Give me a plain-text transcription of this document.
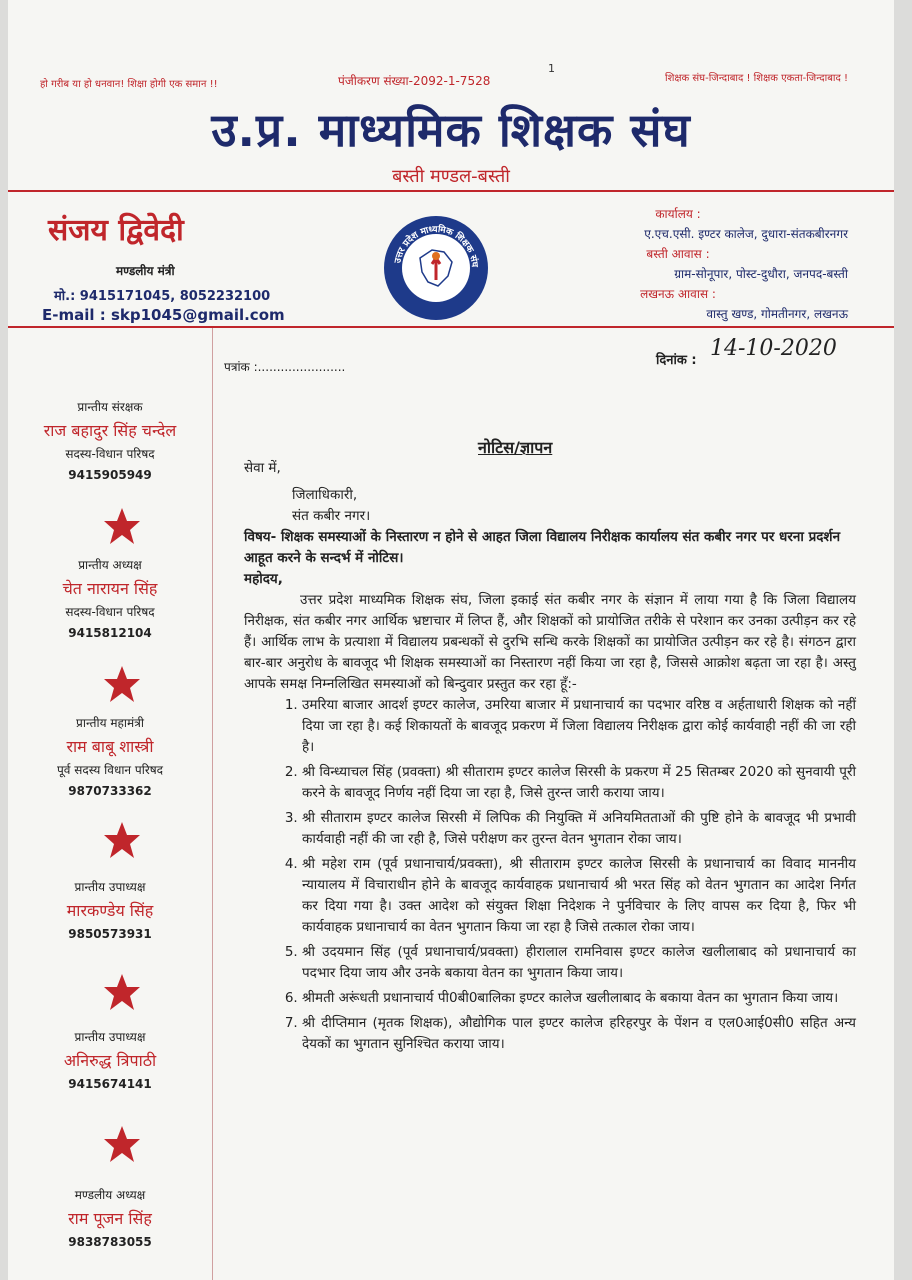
हो गरीब या हो धनवान! शिक्षा होगी एक समान !!	पंजीकरण संख्या-2092-1-7528
1
शिक्षक संघ-जिन्दाबाद ! शिक्षक एकता-जिन्दाबाद !
उ.प्र. माध्यमिक शिक्षक संघ
बस्ती मण्डल-बस्ती
संजय द्विवेदी
मण्डलीय मंत्री
मो.: 9415171045, 8052232100
E-mail : skp1045@gmail.com
उत्तर प्रदेश माध्यमिक शिक्षक संघ
कार्यालय :
ए.एच.एसी. इण्टर कालेज, दुधारा-संतकबीरनगर
बस्ती आवास :
ग्राम-सोनूपार, पोस्ट-दुधौरा, जनपद-बस्ती
लखनऊ आवास :
वास्तु खण्ड, गोमतीनगर, लखनऊ
प्रान्तीय संरक्षक
राज बहादुर सिंह चन्देल
सदस्य-विधान परिषद
9415905949
प्रान्तीय अध्यक्ष
चेत नारायन सिंह
सदस्य-विधान परिषद
9415812104
प्रान्तीय महामंत्री
राम बाबू शास्त्री
पूर्व सदस्य विधान परिषद
9870733362
प्रान्तीय उपाध्यक्ष
मारकण्डेय सिंह
9850573931
प्रान्तीय उपाध्यक्ष
अनिरुद्ध त्रिपाठी
9415674141
मण्डलीय अध्यक्ष
राम पूजन सिंह
9838783055
पत्रांक :.......................	दिनांक : 14-10-2020
नोटिस/ज्ञापन

सेवा में,

जिलाधिकारी,

संत कबीर नगर।

विषय- शिक्षक समस्याओं के निस्तारण न होने से आहत जिला विद्यालय निरीक्षक कार्यालय संत कबीर नगर पर धरना प्रदर्शन आहूत करने के सन्दर्भ में नोटिस।

महोदय,

उत्तर प्रदेश माध्यमिक शिक्षक संघ, जिला इकाई संत कबीर नगर के संज्ञान में लाया गया है कि जिला विद्यालय निरीक्षक, संत कबीर नगर आर्थिक भ्रष्टाचार में लिप्त हैं, और शिक्षकों को प्रायोजित तरीके से परेशान कर उनका उत्पीड़न कर रहे हैं। आर्थिक लाभ के प्रत्याशा में विद्यालय प्रबन्धकों से दुरभि सन्धि करके शिक्षकों का प्रायोजित उत्पीड़न कर रहे है। संगठन द्वारा बार-बार अनुरोध के बावजूद भी शिक्षक समस्याओं का निस्तारण नहीं किया जा रहा है, जिससे आक्रोश बढ़ता जा रहा है। अस्तु आपके समक्ष निम्नलिखित समस्याओं को बिन्दुवार प्रस्तुत कर रहा हूँ:-

1. उमरिया बाजार आदर्श इण्टर कालेज, उमरिया बाजार में प्रधानाचार्य का पदभार वरिष्ठ व अर्हताधारी शिक्षक को नहीं दिया जा रहा है। कई शिकायतों के बावजूद प्रकरण में जिला विद्यालय निरीक्षक द्वारा कोई कार्यवाही नहीं की जा रही है।
2. श्री विन्ध्याचल सिंह (प्रवक्ता) श्री सीताराम इण्टर कालेज सिरसी के प्रकरण में 25 सितम्बर 2020 को सुनवायी पूरी करने के बावजूद निर्णय नहीं दिया जा रहा है, जिसे तुरन्त जारी कराया जाय।
3. श्री सीताराम इण्टर कालेज सिरसी में लिपिक की नियुक्ति में अनियमितताओं की पुष्टि होने के बावजूद भी प्रभावी कार्यवाही नहीं की जा रही है, जिसे परीक्षण कर तुरन्त वेतन भुगतान रोका जाय।
4. श्री महेश राम (पूर्व प्रधानाचार्य/प्रवक्ता), श्री सीताराम इण्टर कालेज सिरसी के प्रधानाचार्य का विवाद माननीय न्यायालय में विचाराधीन होने के बावजूद कार्यवाहक प्रधानाचार्य श्री भरत सिंह को वेतन भुगतान का आदेश निर्गत कर दिया गया है। उक्त आदेश को संयुक्त शिक्षा निदेशक ने पुर्नविचार के लिए वापस कर दिया है, फिर भी कार्यवाहक प्रधानाचार्य का वेतन भुगतान किया जा रहा है जिसे तत्काल रोका जाय।
5. श्री उदयमान सिंह (पूर्व प्रधानाचार्य/प्रवक्ता) हीरालाल रामनिवास इण्टर कालेज खलीलाबाद को प्रधानाचार्य का पदभार दिया जाय और उनके बकाया वेतन का भुगतान किया जाय।
6. श्रीमती अरूंधती प्रधानाचार्य पी0बी0बालिका इण्टर कालेज खलीलाबाद के बकाया वेतन का भुगतान किया जाय।
7. श्री दीप्तिमान (मृतक शिक्षक), औद्योगिक पाल इण्टर कालेज हरिहरपुर के पेंशन व एल0आई0सी0 सहित अन्य देयकों का भुगतान सुनिश्चित कराया जाय।
